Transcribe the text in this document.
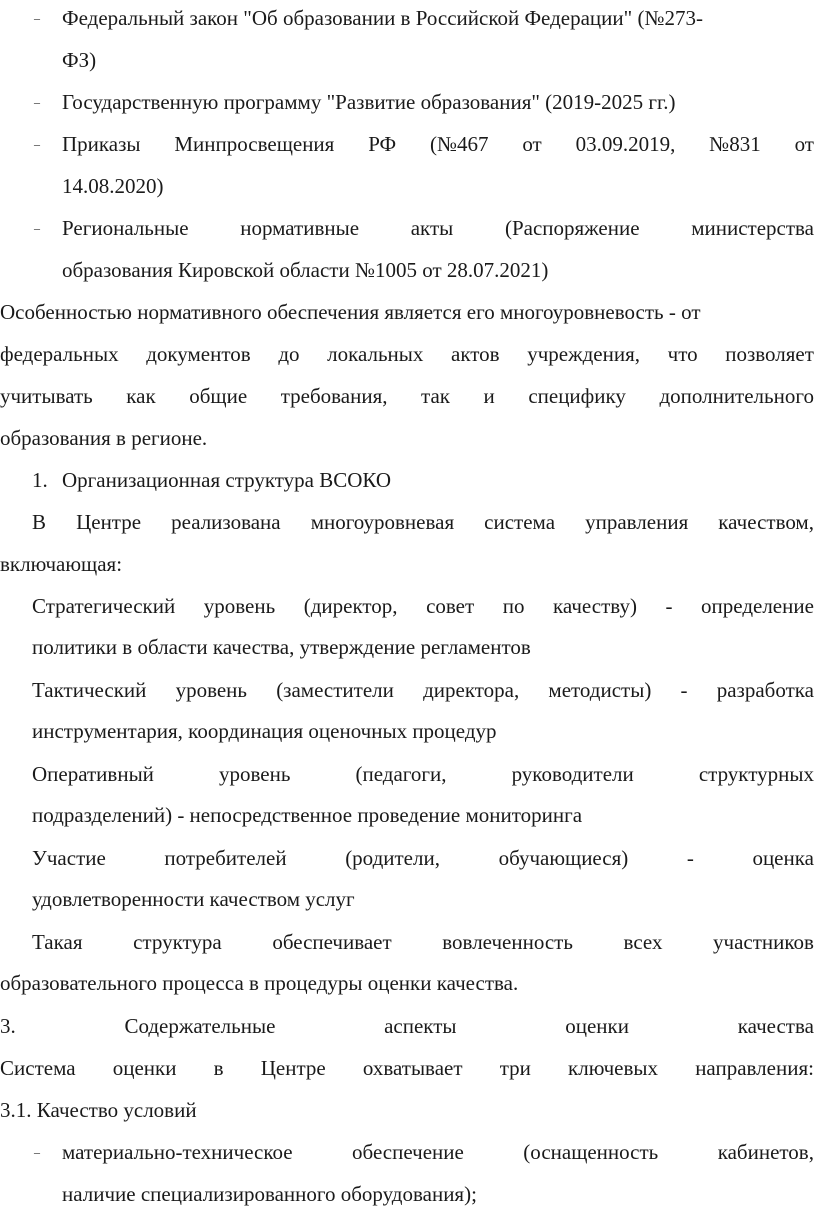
– Федеральный закон "Об образовании в Российской Федерации" (№273-
ФЗ)
– Государственную программу "Развитие образования" (2019-2025 гг.)
– Приказы Минпросвещения РФ (№467 от 03.09.2019, №831 от
14.08.2020)
– Региональные нормативные акты (Распоряжение министерства
образования Кировской области №1005 от 28.07.2021)
Особенностью нормативного обеспечения является его многоуровневость - от
федеральных документов до локальных актов учреждения, что позволяет
учитывать как общие требования, так и специфику дополнительного
образования в регионе.
1. Организационная структура ВСОКО
В Центре реализована многоуровневая система управления качеством,
включающая:
Стратегический уровень (директор, совет по качеству) - определение
политики в области качества, утверждение регламентов
Тактический уровень (заместители директора, методисты) - разработка
инструментария, координация оценочных процедур
Оперативный	уровень	(педагоги,	руководители	структурных
подразделений) - непосредственное проведение мониторинга
Участие	потребителей	(родители,	обучающиеся)	-	оценка
удовлетворенности качеством услуг
Такая структура обеспечивает вовлеченность всех участников
образовательного процесса в процедуры оценки качества.
3.	Содержательные	аспекты	оценки	качества
Система оценки в Центре охватывает три ключевых направления:
3.1. Качество условий
– материально-техническое	обеспечение	(оснащенность	кабинетов,
наличие специализированного оборудования);
